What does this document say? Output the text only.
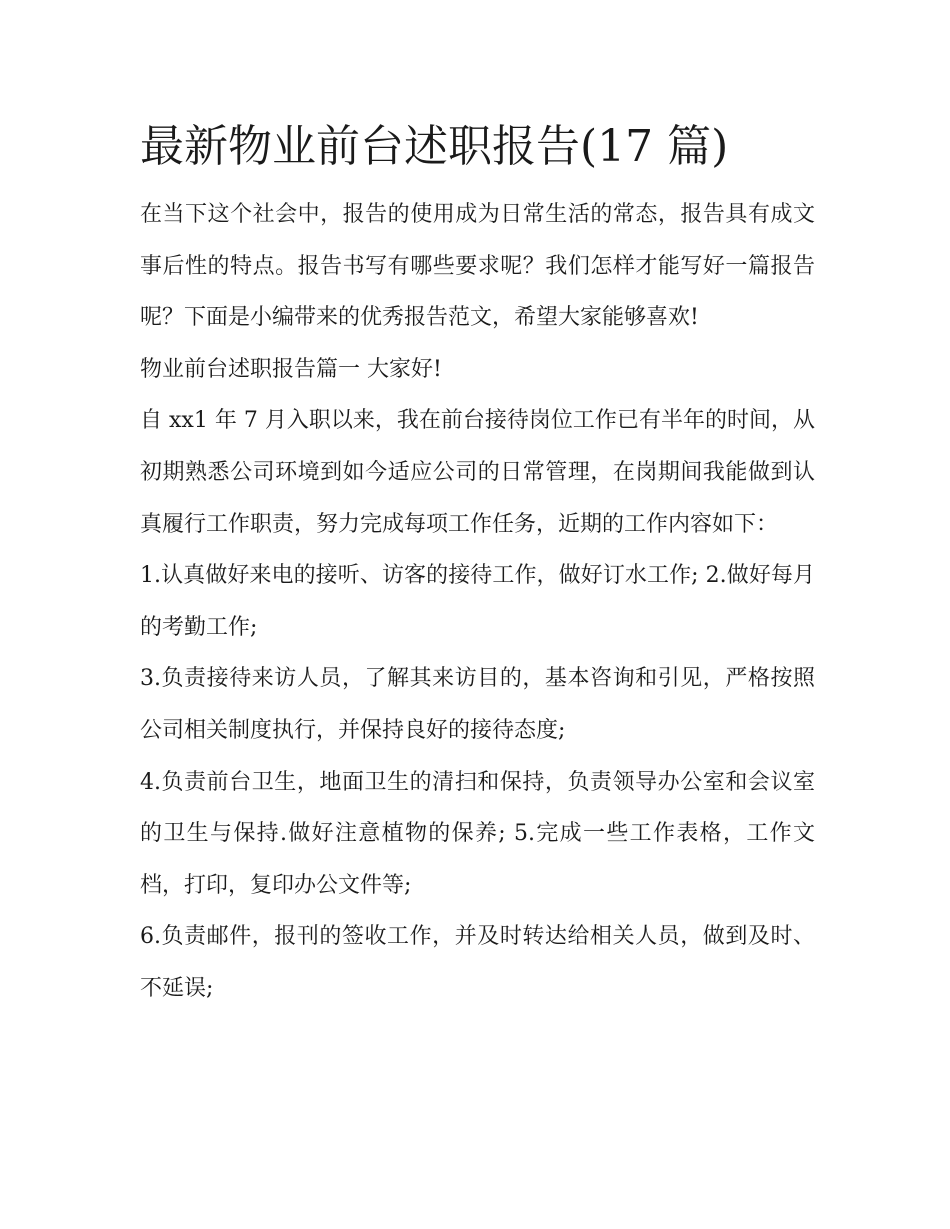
最新物业前台述职报告(17 篇)

在当下这个社会中，报告的使用成为日常生活的常态，报告具有成文事后性的特点。报告书写有哪些要求呢？我们怎样才能写好一篇报告呢？下面是小编带来的优秀报告范文，希望大家能够喜欢!

物业前台述职报告篇一 大家好!

自 xx1 年 7 月入职以来，我在前台接待岗位工作已有半年的时间，从初期熟悉公司环境到如今适应公司的日常管理，在岗期间我能做到认真履行工作职责，努力完成每项工作任务，近期的工作内容如下：

1.认真做好来电的接听、访客的接待工作，做好订水工作; 2.做好每月的考勤工作;

3.负责接待来访人员，了解其来访目的，基本咨询和引见，严格按照公司相关制度执行，并保持良好的接待态度;

4.负责前台卫生，地面卫生的清扫和保持，负责领导办公室和会议室的卫生与保持.做好注意植物的保养; 5.完成一些工作表格，工作文档，打印，复印办公文件等;

6.负责邮件，报刊的签收工作，并及时转达给相关人员，做到及时、不延误;
